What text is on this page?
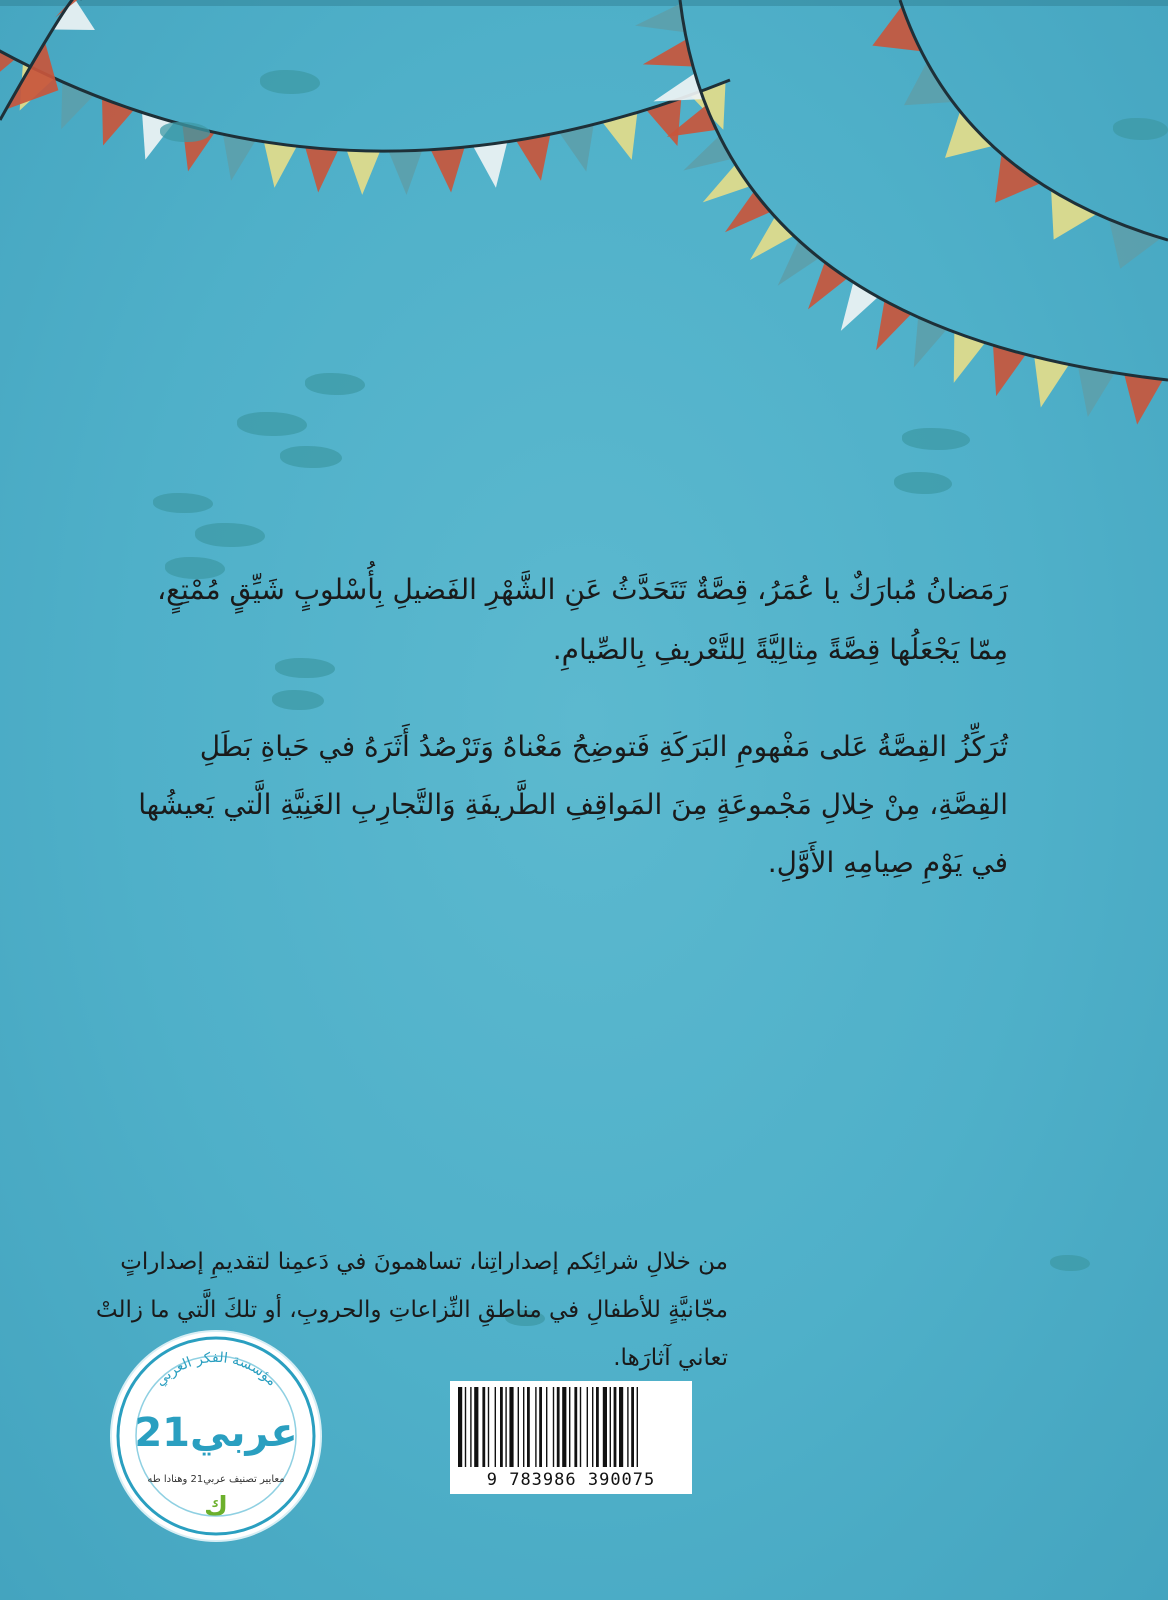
رَمَضانُ مُبارَكٌ يا عُمَرُ، قِصَّةٌ تَتَحَدَّثُ عَنِ الشَّهْرِ الفَضيلِ بِأُسْلوبٍ شَيِّقٍ مُمْتِعٍ، مِمّا يَجْعَلُها قِصَّةً مِثالِيَّةً لِلتَّعْريفِ بِالصِّيامِ.

تُرَكِّزُ القِصَّةُ عَلى مَفْهومِ البَرَكَةِ فَتوضِحُ مَعْناهُ وَتَرْصُدُ أَثَرَهُ في حَياةِ بَطَلِ القِصَّةِ، مِنْ خِلالِ مَجْموعَةٍ مِنَ المَواقِفِ الطَّريفَةِ وَالتَّجارِبِ الغَنِيَّةِ الَّتي يَعيشُها في يَوْمِ صِيامِهِ الأَوَّلِ.

من خلالِ شرائِكم إصداراتِنا، تساهمونَ في دَعمِنا لتقديمِ إصداراتٍ مجّانيَّةٍ للأطفالِ في مناطقِ النِّزاعاتِ والحروبِ، أو تلكَ الَّتي ما زالتْ تعاني آثارَها.

مؤسسة الفكر العربي
عربي21
معايير تصنيف عربي21 وهنادا طه
ك
9 783986 390075
